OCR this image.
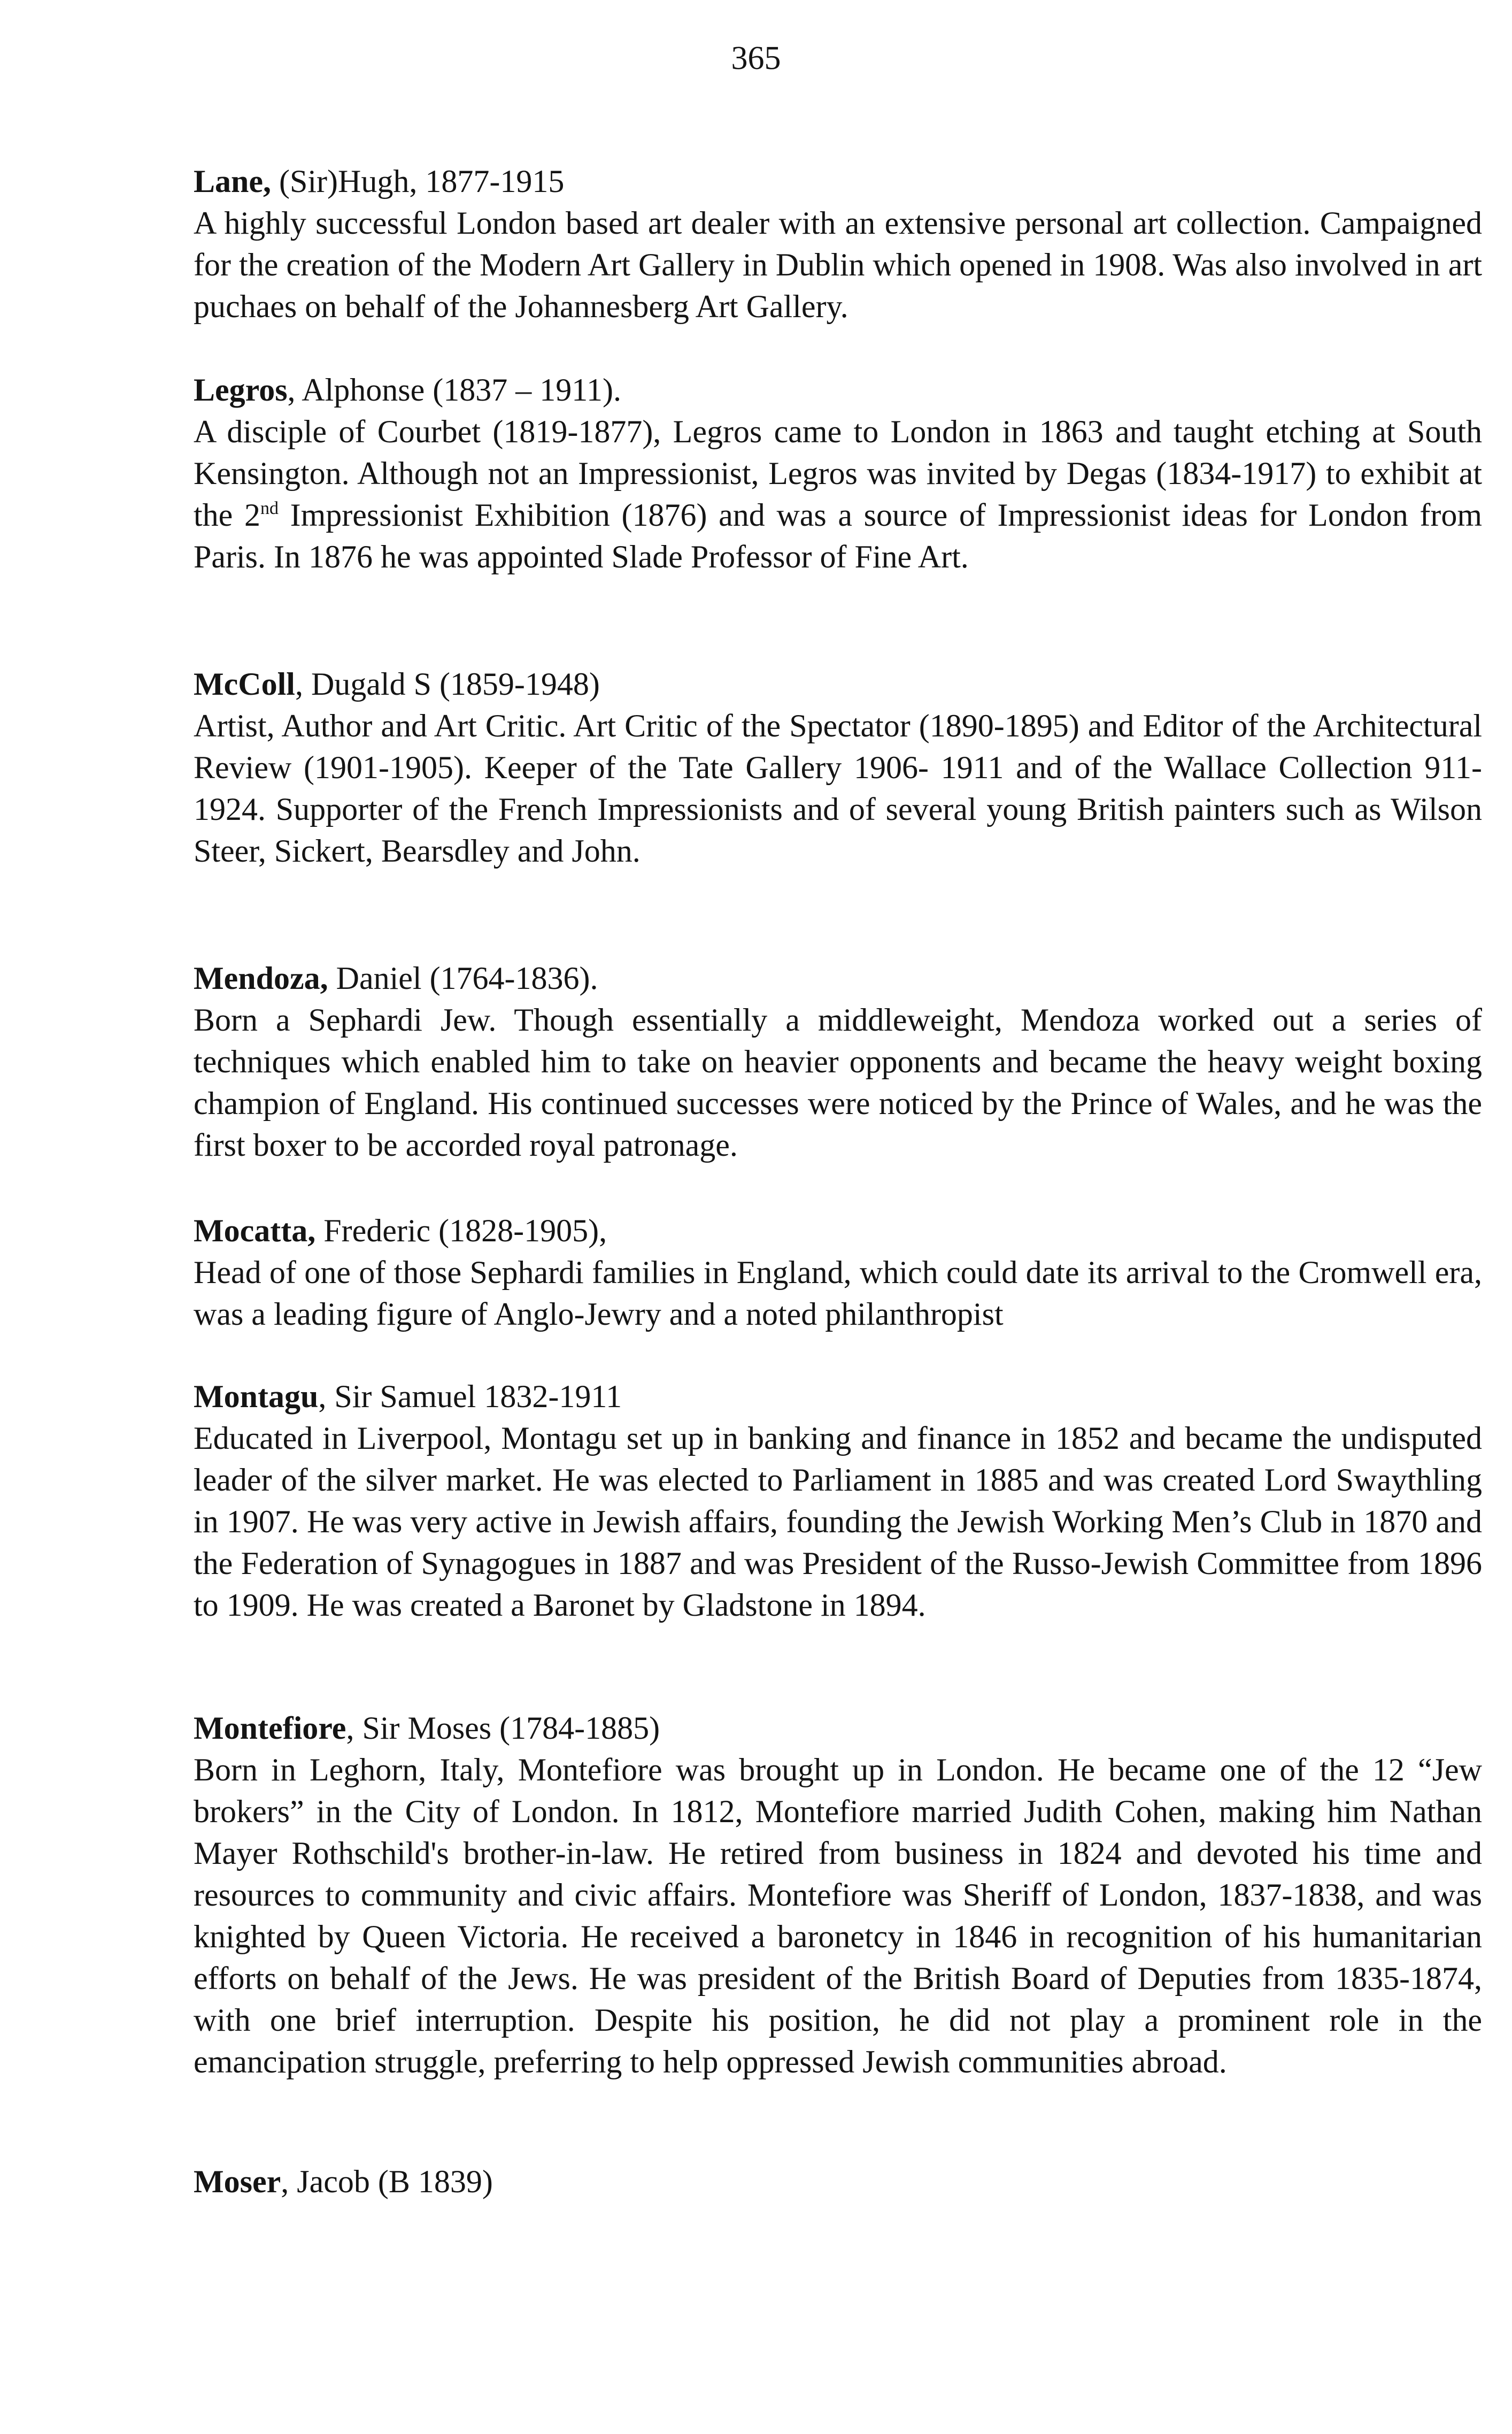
365
Lane, (Sir)Hugh, 1877-1915
A highly successful London based art dealer with an extensive personal art collection. Campaigned for the creation of the Modern Art Gallery in Dublin which opened in 1908. Was also involved in art puchaes on behalf of the Johannesberg Art Gallery.
Legros, Alphonse (1837 – 1911).
A disciple of Courbet (1819-1877), Legros came to London in 1863 and taught etching at South Kensington. Although not an Impressionist, Legros was invited by Degas (1834-1917) to exhibit at the 2nd Impressionist Exhibition (1876) and was a source of Impressionist ideas for London from Paris. In 1876 he was appointed Slade Professor of Fine Art.
McColl, Dugald S (1859-1948)
Artist, Author and Art Critic. Art Critic of the Spectator (1890-1895) and Editor of the Architectural Review (1901-1905). Keeper of the Tate Gallery 1906- 1911 and of the Wallace Collection 911-1924. Supporter of the French Impressionists and of several young British painters such as Wilson Steer, Sickert, Bearsdley and John.
Mendoza, Daniel (1764-1836).
Born a Sephardi Jew. Though essentially a middleweight, Mendoza worked out a series of techniques which enabled him to take on heavier opponents and became the heavy weight boxing champion of England. His continued successes were noticed by the Prince of Wales, and he was the first boxer to be accorded royal patronage.
Mocatta, Frederic (1828-1905),
Head of one of those Sephardi families in England, which could date its arrival to the Cromwell era, was a leading figure of Anglo-Jewry and a noted philanthropist
Montagu, Sir Samuel 1832-1911
Educated in Liverpool, Montagu set up in banking and finance in 1852 and became the undisputed leader of the silver market. He was elected to Parliament in 1885 and was created Lord Swaythling in 1907. He was very active in Jewish affairs, founding the Jewish Working Men’s Club in 1870 and the Federation of Synagogues in 1887 and was President of the Russo-Jewish Committee from 1896 to 1909. He was created a Baronet by Gladstone in 1894.
Montefiore, Sir Moses (1784-1885)
Born in Leghorn, Italy, Montefiore was brought up in London. He became one of the 12 “Jew brokers” in the City of London. In 1812, Montefiore married Judith Cohen, making him Nathan Mayer Rothschild's brother-in-law. He retired from business in 1824 and devoted his time and resources to community and civic affairs. Montefiore was Sheriff of London, 1837-1838, and was knighted by Queen Victoria. He received a baronetcy in 1846 in recognition of his humanitarian efforts on behalf of the Jews. He was president of the British Board of Deputies from 1835-1874, with one brief interruption. Despite his position, he did not play a prominent role in the emancipation struggle, preferring to help oppressed Jewish communities abroad.
Moser, Jacob (B 1839)
